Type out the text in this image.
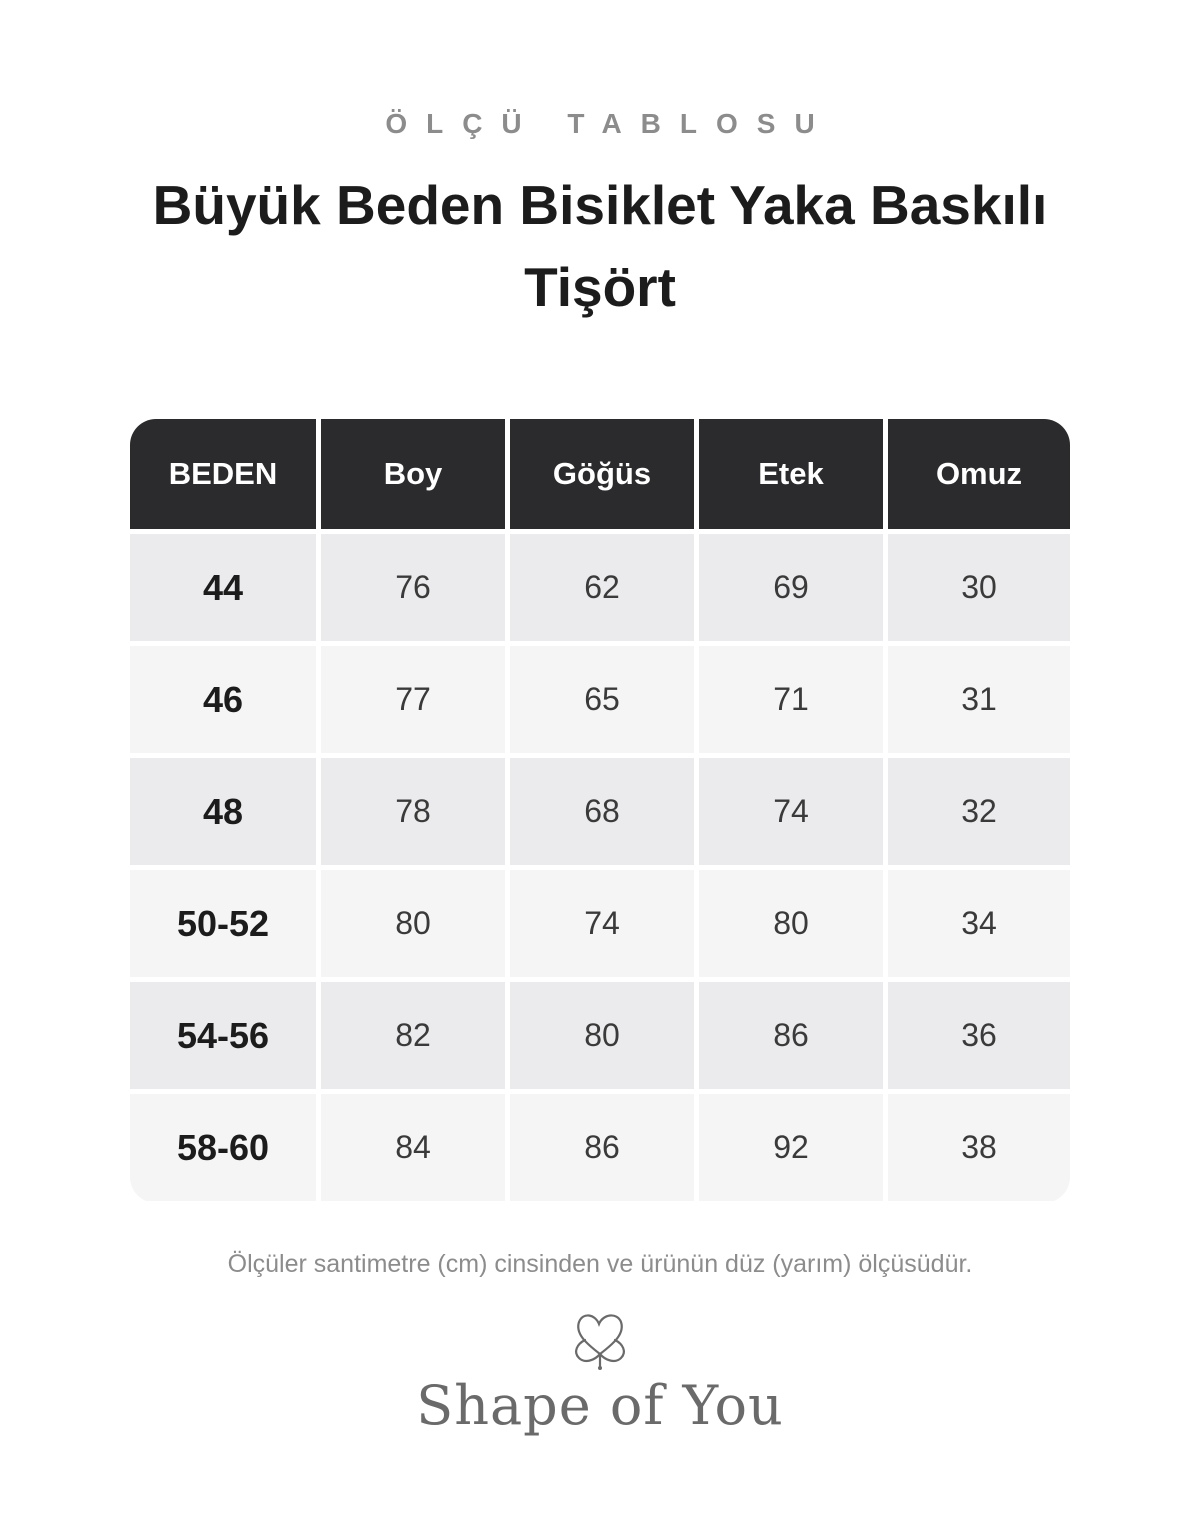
ÖLÇÜ TABLOSU
Büyük Beden Bisiklet Yaka Baskılı Tişört
BEDEN	Boy	Göğüs	Etek	Omuz
44	76	62	69	30
46	77	65	71	31
48	78	68	74	32
50-52	80	74	80	34
54-56	82	80	86	36
58-60	84	86	92	38
Ölçüler santimetre (cm) cinsinden ve ürünün düz (yarım) ölçüsüdür.
Shape of You
